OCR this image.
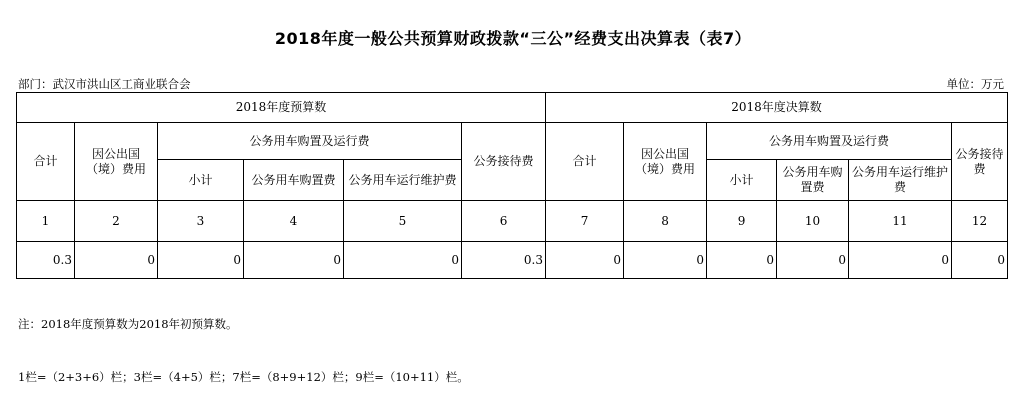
2018年度一般公共预算财政拨款“三公”经费支出决算表（表7）
部门：武汉市洪山区工商业联合会	单位：万元
2018年度预算数						2018年度决算数					
合计	因公出国（境）费用	公务用车购置及运行费			公务接待费	合计	因公出国（境）费用	公务用车购置及运行费			公务接待费
		小计	公务用车购置费	公务用车运行维护费				小计	公务用车购置费	公务用车运行维护费	
1	2	3	4	5	6	7	8	9	10	11	12
0.3	0	0	0	0	0.3	0	0	0	0	0	0
注：2018年度预算数为2018年初预算数。
1栏=（2+3+6）栏；3栏=（4+5）栏；7栏=（8+9+12）栏；9栏=（10+11）栏。
